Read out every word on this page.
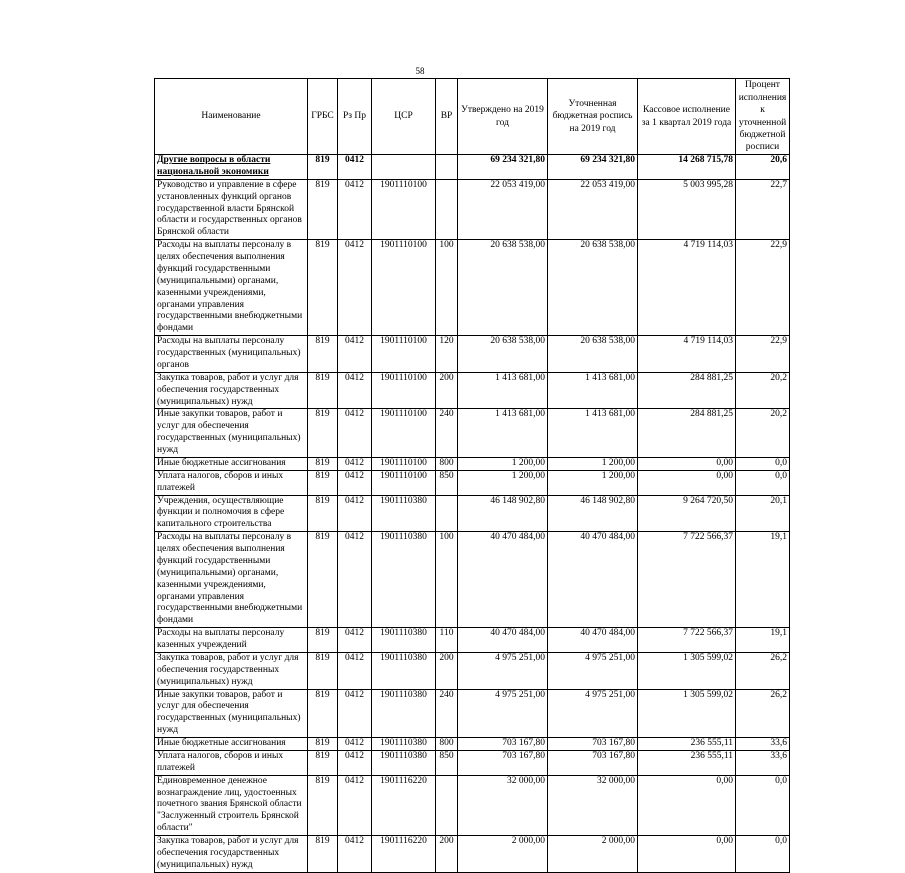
58
Наименование	ГРБС	Рз Пр	ЦСР	ВР	Утверждено на 2019 год	Уточненная бюджетная роспись на 2019 год	Кассовое исполнение за 1 квартал 2019 года	Процент исполнения к уточненной бюджетной росписи
Другие вопросы в области национальной экономики	819	0412			69 234 321,80	69 234 321,80	14 268 715,78	20,6
Руководство и управление в сфере установленных функций органов государственной власти Брянской области и государственных органов Брянской области	819	0412	1901110100		22 053 419,00	22 053 419,00	5 003 995,28	22,7
Расходы на выплаты персоналу в целях обеспечения выполнения функций государственными (муниципальными) органами, казенными учреждениями, органами управления государственными внебюджетными фондами	819	0412	1901110100	100	20 638 538,00	20 638 538,00	4 719 114,03	22,9
Расходы на выплаты персоналу государственных (муниципальных) органов	819	0412	1901110100	120	20 638 538,00	20 638 538,00	4 719 114,03	22,9
Закупка товаров, работ и услуг для обеспечения государственных (муниципальных) нужд	819	0412	1901110100	200	1 413 681,00	1 413 681,00	284 881,25	20,2
Иные закупки товаров, работ и услуг для обеспечения государственных (муниципальных) нужд	819	0412	1901110100	240	1 413 681,00	1 413 681,00	284 881,25	20,2
Иные бюджетные ассигнования	819	0412	1901110100	800	1 200,00	1 200,00	0,00	0,0
Уплата налогов, сборов и иных платежей	819	0412	1901110100	850	1 200,00	1 200,00	0,00	0,0
Учреждения, осуществляющие функции и полномочия в сфере капитального строительства	819	0412	1901110380		46 148 902,80	46 148 902,80	9 264 720,50	20,1
Расходы на выплаты персоналу в целях обеспечения выполнения функций государственными (муниципальными) органами, казенными учреждениями, органами управления государственными внебюджетными фондами	819	0412	1901110380	100	40 470 484,00	40 470 484,00	7 722 566,37	19,1
Расходы на выплаты персоналу казенных учреждений	819	0412	1901110380	110	40 470 484,00	40 470 484,00	7 722 566,37	19,1
Закупка товаров, работ и услуг для обеспечения государственных (муниципальных) нужд	819	0412	1901110380	200	4 975 251,00	4 975 251,00	1 305 599,02	26,2
Иные закупки товаров, работ и услуг для обеспечения государственных (муниципальных) нужд	819	0412	1901110380	240	4 975 251,00	4 975 251,00	1 305 599,02	26,2
Иные бюджетные ассигнования	819	0412	1901110380	800	703 167,80	703 167,80	236 555,11	33,6
Уплата налогов, сборов и иных платежей	819	0412	1901110380	850	703 167,80	703 167,80	236 555,11	33,6
Единовременное денежное вознаграждение лиц, удостоенных почетного звания Брянской области "Заслуженный строитель Брянской области"	819	0412	1901116220		32 000,00	32 000,00	0,00	0,0
Закупка товаров, работ и услуг для обеспечения государственных (муниципальных) нужд	819	0412	1901116220	200	2 000,00	2 000,00	0,00	0,0
